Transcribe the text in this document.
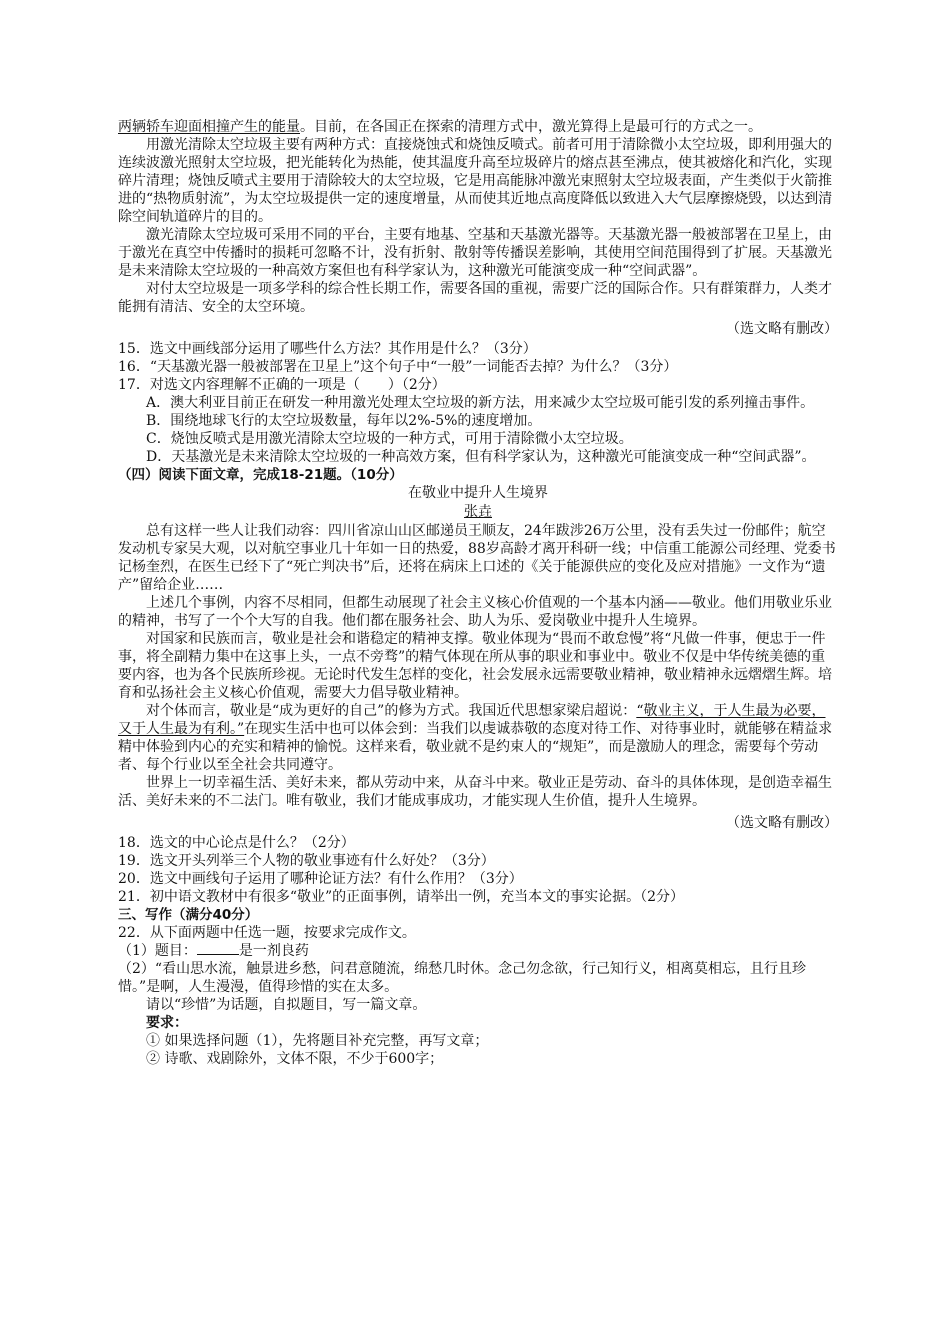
两辆轿车迎面相撞产生的能量。目前，在各国正在探索的清理方式中，激光算得上是最可行的方式之一。

用激光清除太空垃圾主要有两种方式：直接烧蚀式和烧蚀反喷式。前者可用于清除微小太空垃圾，即利用强大的连续波激光照射太空垃圾，把光能转化为热能，使其温度升高至垃圾碎片的熔点甚至沸点，使其被熔化和汽化，实现碎片清理；烧蚀反喷式主要用于清除较大的太空垃圾，它是用高能脉冲激光束照射太空垃圾表面，产生类似于火箭推进的“热物质射流”，为太空垃圾提供一定的速度增量，从而使其近地点高度降低以致进入大气层摩擦烧毁，以达到清除空间轨道碎片的目的。

激光清除太空垃圾可采用不同的平台，主要有地基、空基和天基激光器等。天基激光器一般被部署在卫星上，由于激光在真空中传播时的损耗可忽略不计，没有折射、散射等传播误差影响，其使用空间范围得到了扩展。天基激光是未来清除太空垃圾的一种高效方案但也有科学家认为，这种激光可能演变成一种“空间武器”。

对付太空垃圾是一项多学科的综合性长期工作，需要各国的重视，需要广泛的国际合作。只有群策群力，人类才能拥有清洁、安全的太空环境。

（选文略有删改）

15．选文中画线部分运用了哪些什么方法？其作用是什么？（3分）

16．“天基激光器一般被部署在卫星上”这个句子中“一般”一词能否去掉？为什么？（3分）

17．对选文内容理解不正确的一项是（　　）（2分）

A．澳大利亚目前正在研发一种用激光处理太空垃圾的新方法，用来减少太空垃圾可能引发的系列撞击事件。

B．围绕地球飞行的太空垃圾数量，每年以2%-5%的速度增加。

C．烧蚀反喷式是用激光清除太空垃圾的一种方式，可用于清除微小太空垃圾。

D．天基激光是未来清除太空垃圾的一种高效方案，但有科学家认为，这种激光可能演变成一种“空间武器”。

（四）阅读下面文章，完成18-21题。（10分）

在敬业中提升人生境界

张垚

总有这样一些人让我们动容：四川省凉山山区邮递员王顺友，24年跋涉26万公里，没有丢失过一份邮件；航空发动机专家吴大观，以对航空事业几十年如一日的热爱，88岁高龄才离开科研一线；中信重工能源公司经理、党委书记杨奎烈，在医生已经下了“死亡判决书”后，还将在病床上口述的《关于能源供应的变化及应对措施》一文作为“遗产”留给企业……

上述几个事例，内容不尽相同，但都生动展现了社会主义核心价值观的一个基本内涵——敬业。他们用敬业乐业的精神，书写了一个个大写的自我。他们都在服务社会、助人为乐、爱岗敬业中提升人生境界。

对国家和民族而言，敬业是社会和谐稳定的精神支撑。敬业体现为“畏而不敢怠慢”将“凡做一件事，便忠于一件事，将全副精力集中在这事上头，一点不旁骛”的精气体现在所从事的职业和事业中。敬业不仅是中华传统美德的重要内容，也为各个民族所珍视。无论时代发生怎样的变化，社会发展永远需要敬业精神，敬业精神永远熠熠生辉。培育和弘扬社会主义核心价值观，需要大力倡导敬业精神。

对个体而言，敬业是“成为更好的自己”的修为方式。我国近代思想家梁启超说：“敬业主义，于人生最为必要，又于人生最为有利。”在现实生活中也可以体会到：当我们以虔诚恭敬的态度对待工作、对待事业时，就能够在精益求精中体验到内心的充实和精神的愉悦。这样来看，敬业就不是约束人的“规矩”，而是激励人的理念，需要每个劳动者、每个行业以至全社会共同遵守。

世界上一切幸福生活、美好未来，都从劳动中来，从奋斗中来。敬业正是劳动、奋斗的具体体现，是创造幸福生活、美好未来的不二法门。唯有敬业，我们才能成事成功，才能实现人生价值，提升人生境界。

（选文略有删改）

18．选文的中心论点是什么？（2分）

19．选文开头列举三个人物的敬业事迹有什么好处？（3分）

20．选文中画线句子运用了哪种论证方法？有什么作用？（3分）

21．初中语文教材中有很多“敬业”的正面事例，请举出一例，充当本文的事实论据。（2分）

三、写作（满分40分）

22．从下面两题中任选一题，按要求完成作文。

（1）题目：	是一剂良药

（2）“看山思水流，触景进乡愁，问君意随流，绵愁几时休。念己勿念欲，行己知行义，相离莫相忘，且行且珍惜。”是啊，人生漫漫，值得珍惜的实在太多。

请以“珍惜”为话题，自拟题目，写一篇文章。

要求：

① 如果选择问题（1），先将题目补充完整，再写文章；

② 诗歌、戏剧除外，文体不限，不少于600字；
